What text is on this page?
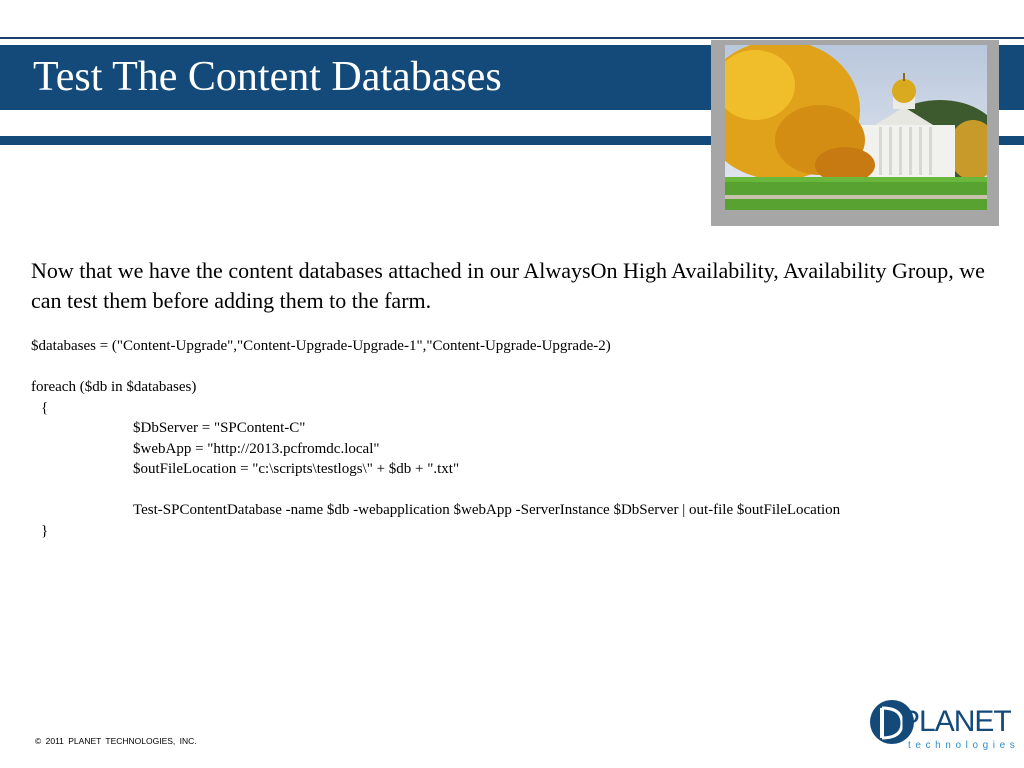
Test The Content Databases
Now that we have the content databases attached in our AlwaysOn High Availability, Availability Group, we can test them before adding them to the farm.
$databases = ("Content-Upgrade","Content-Upgrade-Upgrade-1","Content-Upgrade-Upgrade-2)
foreach ($db in $databases)
{
$DbServer = "SPContent-C"
$webApp = "http://2013.pcfromdc.local"
$outFileLocation = "c:\scripts\testlogs\" + $db + ".txt"
Test-SPContentDatabase -name $db -webapplication $webApp -ServerInstance $DbServer | out-file $outFileLocation
}
© 2011 PLANET TECHNOLOGIES, INC.
PLANET
technologies
